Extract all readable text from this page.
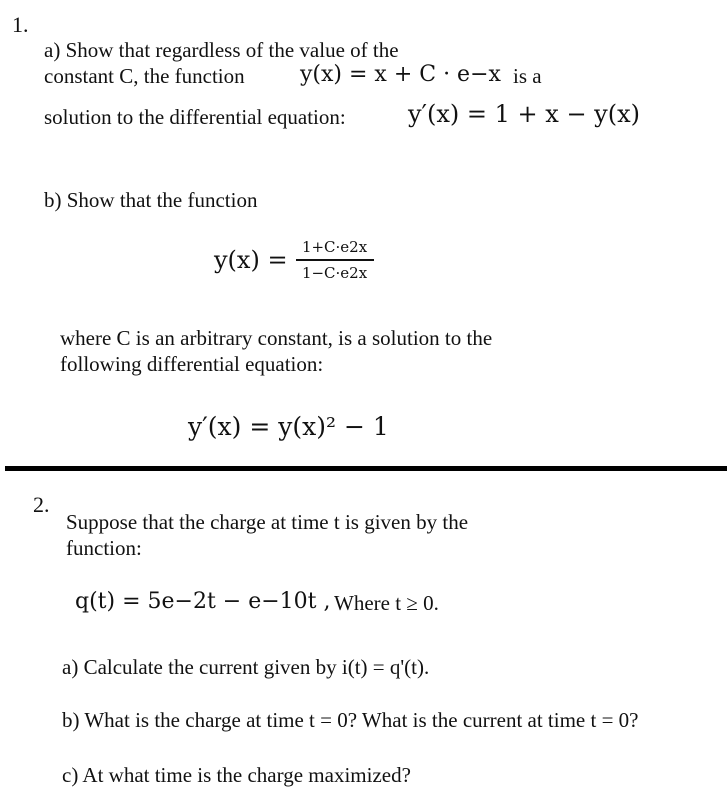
1.
a) Show that regardless of the value of the
constant C, the function	y(x) = x + C · e−x is a
solution to the differential equation:	y′(x) = 1 + x − y(x)
b) Show that the function
y(x) = 1+C·e2x
1−C·e2x
where C is an arbitrary constant, is a solution to the
following differential equation:
y′(x) = y(x)² − 1
2.
Suppose that the charge at time t is given by the
function:
q(t) = 5e−2t − e−10t , Where t ≥ 0.
a) Calculate the current given by i(t) = q'(t).
b) What is the charge at time t = 0? What is the current at time t = 0?
c) At what time is the charge maximized?
